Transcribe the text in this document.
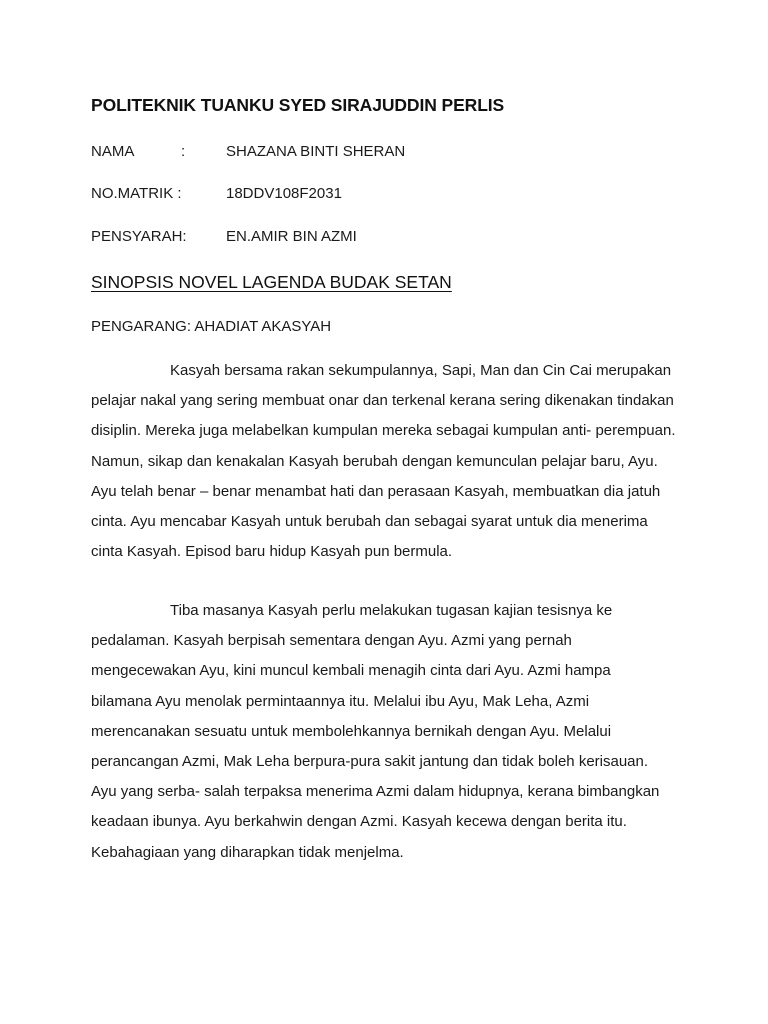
POLITEKNIK TUANKU SYED SIRAJUDDIN PERLIS
NAMA	:	SHAZANA BINTI SHERAN
NO.MATRIK :	18DDV108F2031
PENSYARAH:	EN.AMIR BIN AZMI
SINOPSIS NOVEL LAGENDA BUDAK SETAN
PENGARANG: AHADIAT AKASYAH
Kasyah bersama rakan sekumpulannya, Sapi, Man dan Cin Cai merupakan
pelajar nakal yang sering membuat onar dan terkenal kerana sering dikenakan tindakan
disiplin. Mereka juga melabelkan kumpulan mereka sebagai kumpulan anti- perempuan.
Namun, sikap dan kenakalan Kasyah berubah dengan kemunculan pelajar baru, Ayu.
Ayu telah benar – benar menambat hati dan perasaan Kasyah, membuatkan dia jatuh
cinta. Ayu mencabar Kasyah untuk berubah dan sebagai syarat untuk dia menerima
cinta Kasyah. Episod baru hidup Kasyah pun bermula.
Tiba masanya Kasyah perlu melakukan tugasan kajian tesisnya ke
pedalaman. Kasyah berpisah sementara dengan Ayu. Azmi yang pernah
mengecewakan Ayu, kini muncul kembali menagih cinta dari Ayu. Azmi hampa
bilamana Ayu menolak permintaannya itu. Melalui ibu Ayu, Mak Leha, Azmi
merencanakan sesuatu untuk membolehkannya bernikah dengan Ayu. Melalui
perancangan Azmi, Mak Leha berpura-pura sakit jantung dan tidak boleh kerisauan.
Ayu yang serba- salah terpaksa menerima Azmi dalam hidupnya, kerana bimbangkan
keadaan ibunya. Ayu berkahwin dengan Azmi. Kasyah kecewa dengan berita itu.
Kebahagiaan yang diharapkan tidak menjelma.
